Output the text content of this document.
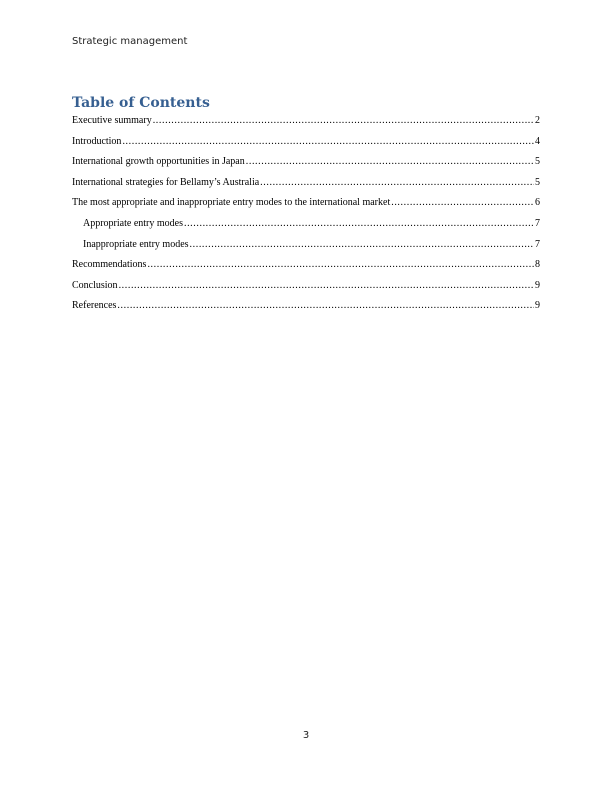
Strategic management
Table of Contents
Executive summary .....	2
Introduction .....	4
International growth opportunities in Japan .....	5
International strategies for Bellamy’s Australia .....	5
The most appropriate and inappropriate entry modes to the international market .....	6
Appropriate entry modes .....	7
Inappropriate entry modes .....	7
Recommendations .....	8
Conclusion .....	9
References .....	9
3
